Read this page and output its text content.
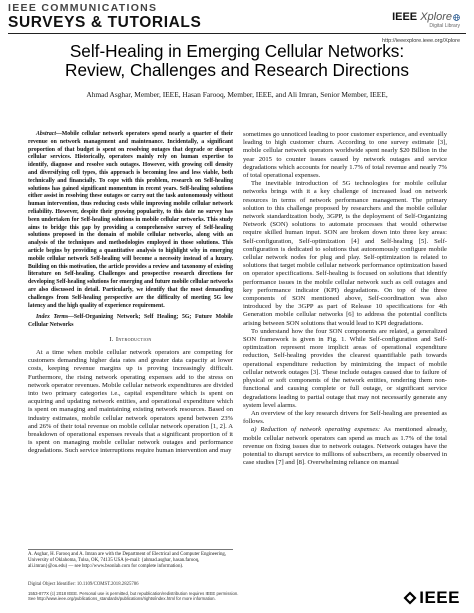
IEEE COMMUNICATIONS
SURVEYS & TUTORIALS	IEEE Xplore
Digital Library
http://ieeexplore.ieee.org/Xplore
Self-Healing in Emerging Cellular Networks:
Review, Challenges and Research Directions
Ahmad Asghar, Member, IEEE, Hasan Farooq, Member, IEEE, and Ali Imran, Senior Member, IEEE,

Abstract—Mobile cellular network operators spend nearly a quarter of their revenue on network management and maintenance. Incidentally, a significant proportion of that budget is spent on resolving outages that degrade or disrupt cellular services. Historically, operators mainly rely on human expertise to identify, diagnose and resolve such outages. However, with growing cell density and diversifying cell types, this approach is becoming less and less viable, both technically and financially. To cope with this problem, research on Self-healing solutions has gained significant momentum in recent years. Self-healing solutions either assist in resolving these outages or carry out the task autonomously without human intervention, thus reducing costs while improving mobile cellular network reliability. However, despite their growing popularity, to this date no survey has been undertaken for Self-healing solutions in mobile cellular networks. This study aims to bridge this gap by providing a comprehensive survey of Self-healing solutions proposed in the domain of mobile cellular networks, along with an analysis of the techniques and methodologies employed in those solutions. This article begins by providing a quantitative analysis to highlight why in emerging mobile cellular network Self-healing will become a necessity instead of a luxury. Building on this motivation, the article provides a review and taxonomy of existing literature on Self-healing. Challenges and prospective research directions for developing Self-healing solutions for emerging and future mobile cellular networks are also discussed in detail. Particularly, we identify that the most demanding challenges from Self-healing perspective are the difficulty of meeting 5G low latency and the high quality of experience requirement.

Index Terms—Self-Organizing Network; Self Healing; 5G; Future Mobile Cellular Networks

I. Introduction

At a time when mobile cellular network operators are competing for customers demanding higher data rates and greater data capacity at lower costs, keeping revenue margins up is proving increasingly difficult. Furthermore, the rising network operating expenses add to the stress on network operator revenues. Mobile cellular network expenditures are divided into two primary categories i.e., capital expenditure which is spent on acquiring and updating network entities, and operational expenditure which is spent on managing and maintaining existing network resources. Based on industry estimates, mobile cellular network operators spend between 23% and 26% of their total revenue on mobile cellular network operation [1, 2]. A breakdown of operational expenses reveals that a significant proportion of it is spent on managing mobile cellular network outages and performance degradations. Such service interruptions require human intervention and may

A. Asghar, H. Farooq and A. Imran are with the Department of Electrical and Computer Engineering, University of Oklahoma, Tulsa, OK, 74135 USA (e-mail: {ahmad.asghar, hasan.farooq, ali.imran}@ou.edu) — see http://www.bsonlab.com for complete information).
Digital Object Identifier: 10.1109/COMST.2018.2825786

sometimes go unnoticed leading to poor customer experience, and eventually leading to high customer churn. According to one survey estimate [3], mobile cellular network operators worldwide spent nearly $20 Billion in the year 2015 to counter issues caused by network outages and service degradations which accounts for nearly 1.7% of total revenue and nearly 7% of total operational expenses.

The inevitable introduction of 5G technologies for mobile cellular networks brings with it a key challenge of increased load on network resources in terms of network performance management. The primary solution to this challenge proposed by researchers and the mobile cellular network standardization body, 3GPP, is the deployment of Self-Organizing Network (SON) solutions to automate processes that would otherwise require skilled human input. SON are broken down into three key areas: Self-configuration, Self-optimization [4] and Self-healing [5]. Self-configuration is dedicated to solutions that autonomously configure mobile cellular network nodes for plug and play. Self-optimization is related to solutions that target mobile cellular network performance optimization based on operator specifications. Self-healing is focused on solutions that identify performance issues in the mobile cellular network such as cell outages and key performance indicator (KPI) degradations. On top of the three components of SON mentioned above, Self-coordination was also introduced by the 3GPP as part of Release 10 specifications for 4th Generation mobile cellular networks [6] to address the potential conflicts arising between SON solutions that would lead to KPI degradations.

To understand how the four SON components are related, a generalized SON framework is given in Fig. 1. While Self-configuration and Self-optimization represent more implicit areas of operational expenditure reduction, Self-healing provides the clearest quantifiable path towards operational expenditure reduction by minimizing the impact of mobile cellular network outages [3]. These include outages caused due to failure of physical or soft components of the network entities, rendering them non-functional and causing complete or full outage, or significant service degradations leading to partial outage that may not necessarily generate any system level alarms.

An overview of the key research drivers for Self-healing are presented as follows.

a) Reduction of network operating expenses: As mentioned already, mobile cellular network operators can spend as much as 1.7% of the total revenue on fixing issues due to network outages. Network outages have the potential to disrupt service to millions of subscribers, as recently observed in case studies [7] and [8]. Overwhelming reliance on manual

1553-877X (c) 2018 IEEE. Personal use is permitted, but republication/redistribution requires IEEE permission.
See http://www.ieee.org/publications_standards/publications/rights/index.html for more information.	IEEE
